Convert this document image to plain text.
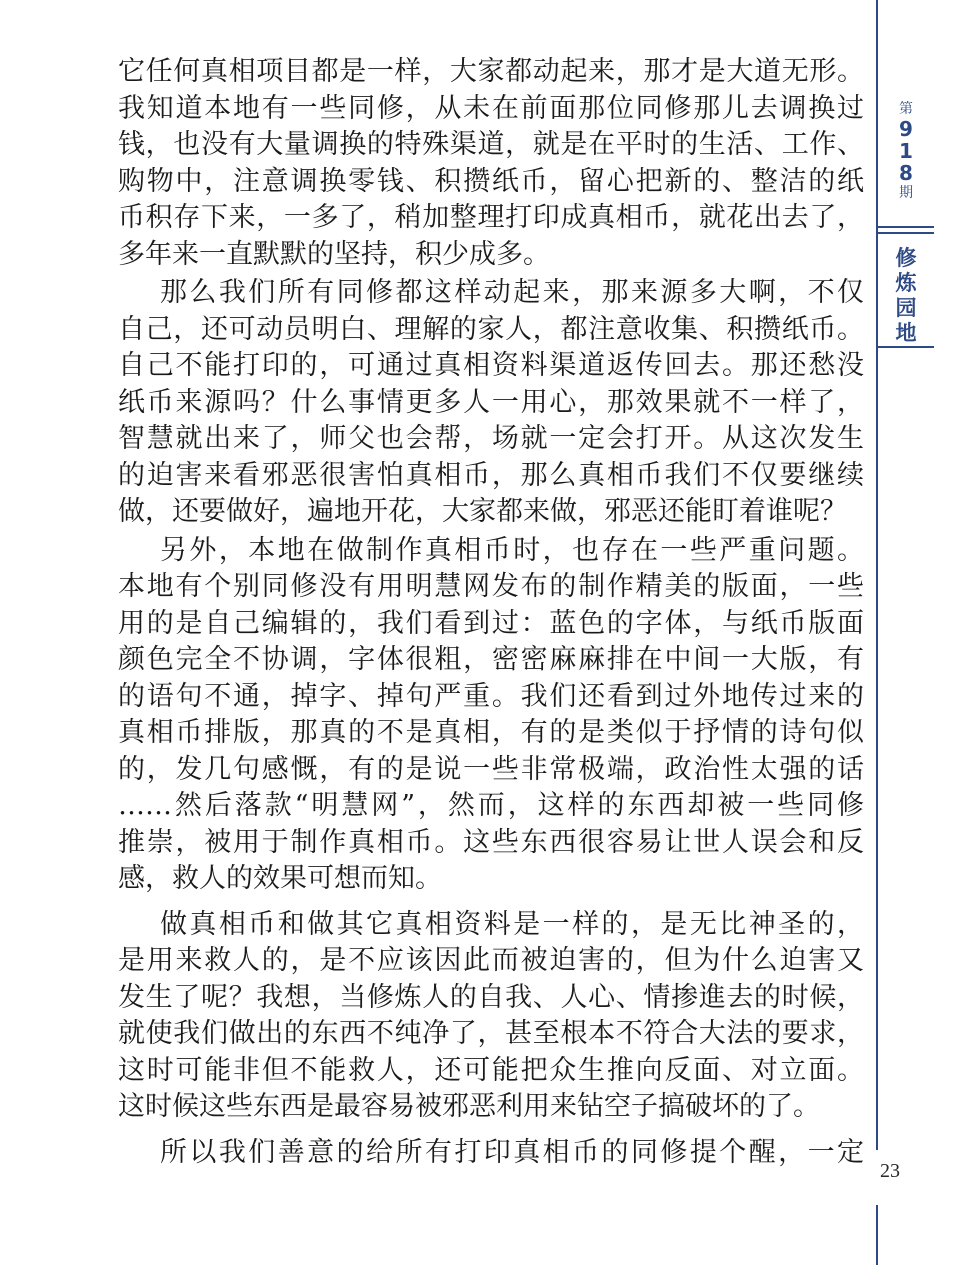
第
9
1
8
期
修
炼
园
地
它任何真相项目都是一样，大家都动起来，那才是大道无形。
我知道本地有一些同修，从未在前面那位同修那儿去调换过
钱，也没有大量调换的特殊渠道，就是在平时的生活、工作、
购物中，注意调换零钱、积攒纸币，留心把新的、整洁的纸
币积存下来，一多了，稍加整理打印成真相币，就花出去了，
多年来一直默默的坚持，积少成多。
那么我们所有同修都这样动起来，那来源多大啊，不仅
自己，还可动员明白、理解的家人，都注意收集、积攒纸币。
自己不能打印的，可通过真相资料渠道返传回去。那还愁没
纸币来源吗？什么事情更多人一用心，那效果就不一样了，
智慧就出来了，师父也会帮，场就一定会打开。从这次发生
的迫害来看邪恶很害怕真相币，那么真相币我们不仅要继续
做，还要做好，遍地开花，大家都来做，邪恶还能盯着谁呢？
另外，本地在做制作真相币时，也存在一些严重问题。
本地有个别同修没有用明慧网发布的制作精美的版面，一些
用的是自己编辑的，我们看到过：蓝色的字体，与纸币版面
颜色完全不协调，字体很粗，密密麻麻排在中间一大版，有
的语句不通，掉字、掉句严重。我们还看到过外地传过来的
真相币排版，那真的不是真相，有的是类似于抒情的诗句似
的，发几句感慨，有的是说一些非常极端，政治性太强的话
……然后落款“明慧网”，然而，这样的东西却被一些同修
推崇，被用于制作真相币。这些东西很容易让世人误会和反
感，救人的效果可想而知。
做真相币和做其它真相资料是一样的，是无比神圣的，
是用来救人的，是不应该因此而被迫害的，但为什么迫害又
发生了呢？我想，当修炼人的自我、人心、情掺進去的时候，
就使我们做出的东西不纯净了，甚至根本不符合大法的要求，
这时可能非但不能救人，还可能把众生推向反面、对立面。
这时候这些东西是最容易被邪恶利用来钻空子搞破坏的了。
所以我们善意的给所有打印真相币的同修提个醒，一定
23
